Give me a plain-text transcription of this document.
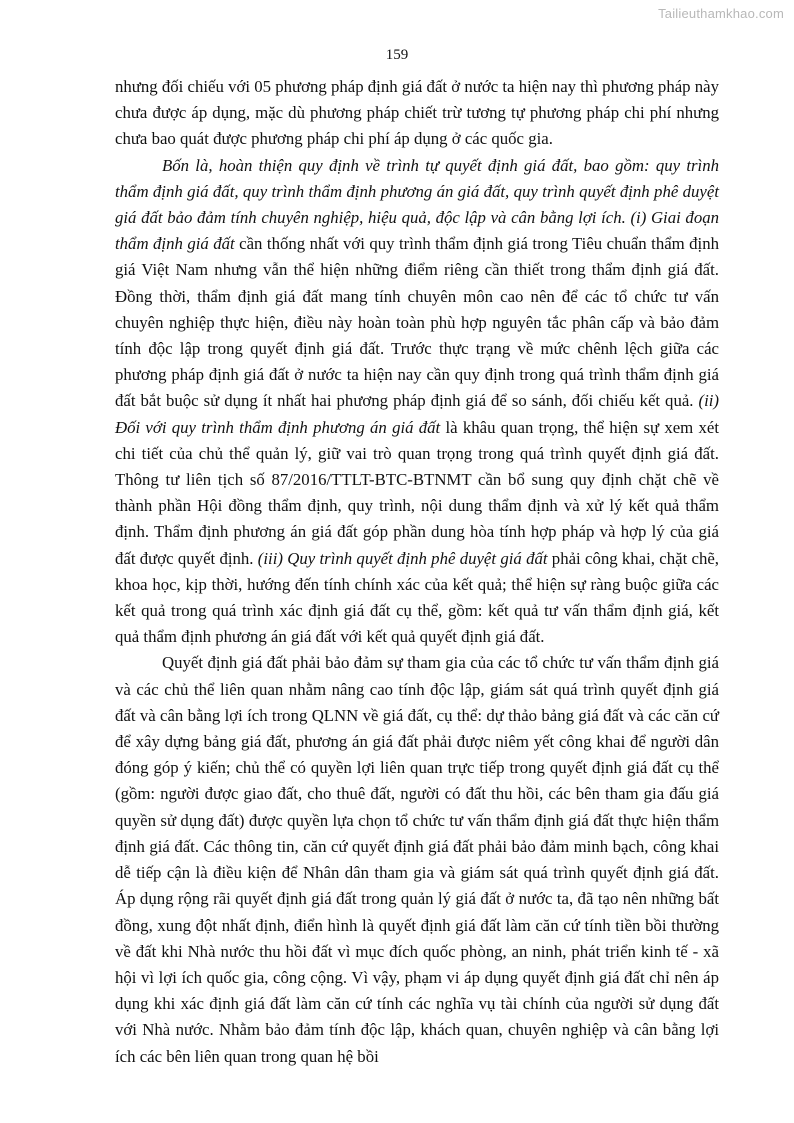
Tailieuthamkhao.com
159

nhưng đối chiếu với 05 phương pháp định giá đất ở nước ta hiện nay thì phương pháp này chưa được áp dụng, mặc dù phương pháp chiết trừ tương tự phương pháp chi phí nhưng chưa bao quát được phương pháp chi phí áp dụng ở các quốc gia.

Bốn là, hoàn thiện quy định về trình tự quyết định giá đất, bao gồm: quy trình thẩm định giá đất, quy trình thẩm định phương án giá đất, quy trình quyết định phê duyệt giá đất bảo đảm tính chuyên nghiệp, hiệu quả, độc lập và cân bằng lợi ích. (i) Giai đoạn thẩm định giá đất cần thống nhất với quy trình thẩm định giá trong Tiêu chuẩn thẩm định giá Việt Nam nhưng vẫn thể hiện những điểm riêng cần thiết trong thẩm định giá đất. Đồng thời, thẩm định giá đất mang tính chuyên môn cao nên để các tổ chức tư vấn chuyên nghiệp thực hiện, điều này hoàn toàn phù hợp nguyên tắc phân cấp và bảo đảm tính độc lập trong quyết định giá đất. Trước thực trạng về mức chênh lệch giữa các phương pháp định giá đất ở nước ta hiện nay cần quy định trong quá trình thẩm định giá đất bắt buộc sử dụng ít nhất hai phương pháp định giá để so sánh, đối chiếu kết quả. (ii) Đối với quy trình thẩm định phương án giá đất là khâu quan trọng, thể hiện sự xem xét chi tiết của chủ thể quản lý, giữ vai trò quan trọng trong quá trình quyết định giá đất. Thông tư liên tịch số 87/2016/TTLT-BTC-BTNMT cần bổ sung quy định chặt chẽ về thành phần Hội đồng thẩm định, quy trình, nội dung thẩm định và xử lý kết quả thẩm định. Thẩm định phương án giá đất góp phần dung hòa tính hợp pháp và hợp lý của giá đất được quyết định. (iii) Quy trình quyết định phê duyệt giá đất phải công khai, chặt chẽ, khoa học, kịp thời, hướng đến tính chính xác của kết quả; thể hiện sự ràng buộc giữa các kết quả trong quá trình xác định giá đất cụ thể, gồm: kết quả tư vấn thẩm định giá, kết quả thẩm định phương án giá đất với kết quả quyết định giá đất.

Quyết định giá đất phải bảo đảm sự tham gia của các tổ chức tư vấn thẩm định giá và các chủ thể liên quan nhằm nâng cao tính độc lập, giám sát quá trình quyết định giá đất và cân bằng lợi ích trong QLNN về giá đất, cụ thể: dự thảo bảng giá đất và các căn cứ để xây dựng bảng giá đất, phương án giá đất phải được niêm yết công khai để người dân đóng góp ý kiến; chủ thể có quyền lợi liên quan trực tiếp trong quyết định giá đất cụ thể (gồm: người được giao đất, cho thuê đất, người có đất thu hồi, các bên tham gia đấu giá quyền sử dụng đất) được quyền lựa chọn tổ chức tư vấn thẩm định giá đất thực hiện thẩm định giá đất. Các thông tin, căn cứ quyết định giá đất phải bảo đảm minh bạch, công khai dễ tiếp cận là điều kiện để Nhân dân tham gia và giám sát quá trình quyết định giá đất. Áp dụng rộng rãi quyết định giá đất trong quản lý giá đất ở nước ta, đã tạo nên những bất đồng, xung đột nhất định, điển hình là quyết định giá đất làm căn cứ tính tiền bồi thường về đất khi Nhà nước thu hồi đất vì mục đích quốc phòng, an ninh, phát triển kinh tế - xã hội vì lợi ích quốc gia, công cộng. Vì vậy, phạm vi áp dụng quyết định giá đất chỉ nên áp dụng khi xác định giá đất làm căn cứ tính các nghĩa vụ tài chính của người sử dụng đất với Nhà nước. Nhằm bảo đảm tính độc lập, khách quan, chuyên nghiệp và cân bằng lợi ích các bên liên quan trong quan hệ bồi
